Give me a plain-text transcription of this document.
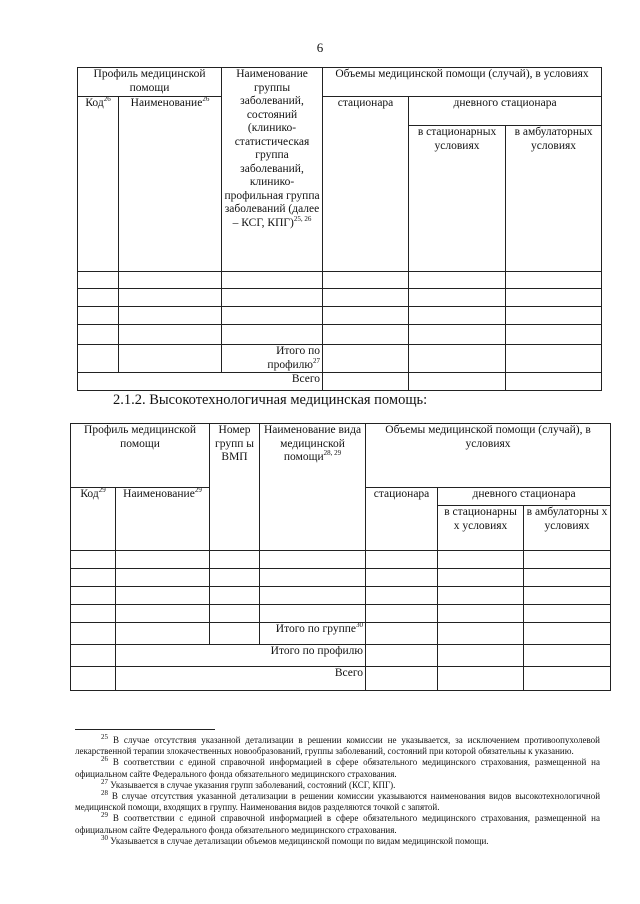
6
Профиль медицинской помощи		Наименование группы заболеваний, состояний (клинико-статистическая группа заболеваний, клинико-профильная группа заболеваний (далее – КСГ, КПГ)$^{25, 26}$	Объемы медицинской помощи (случай), в условиях		
Код$^{26}$	Наименование$^{26}$		стационара	дневного стационара	
				в стационарных условиях	в амбулаторных условиях

		Итого по профилю$^{27}$			
Всего					
2.1.2. Высокотехнологичная медицинская помощь:
Профиль медицинской помощи		Номер групп ы ВМП	Наименование вида медицинской помощи$^{28, 29}$	Объемы медицинской помощи (случай), в условиях		
Код$^{29}$	Наименование$^{29}$			стационара	дневного стационара	
					в стационарны х условиях	в амбулаторны х условиях

			Итого по группе$^{30}$			
	Итого по профилю					
	Всего					

$^{25}$ В случае отсутствия указанной детализации в решении комиссии не указывается, за исключением противоопухолевой лекарственной терапии злокачественных новообразований, группы заболеваний, состояний при которой обязательны к указанию.

$^{26}$ В соответствии с единой справочной информацией в сфере обязательного медицинского страхования, размещенной на официальном сайте Федерального фонда обязательного медицинского страхования.

$^{27}$ Указывается в случае указания групп заболеваний, состояний (КСГ, КПГ).

$^{28}$ В случае отсутствия указанной детализации в решении комиссии указываются наименования видов высокотехнологичной медицинской помощи, входящих в группу. Наименования видов разделяются точкой с запятой.

$^{29}$ В соответствии с единой справочной информацией в сфере обязательного медицинского страхования, размещенной на официальном сайте Федерального фонда обязательного медицинского страхования.

$^{30}$ Указывается в случае детализации объемов медицинской помощи по видам медицинской помощи.
